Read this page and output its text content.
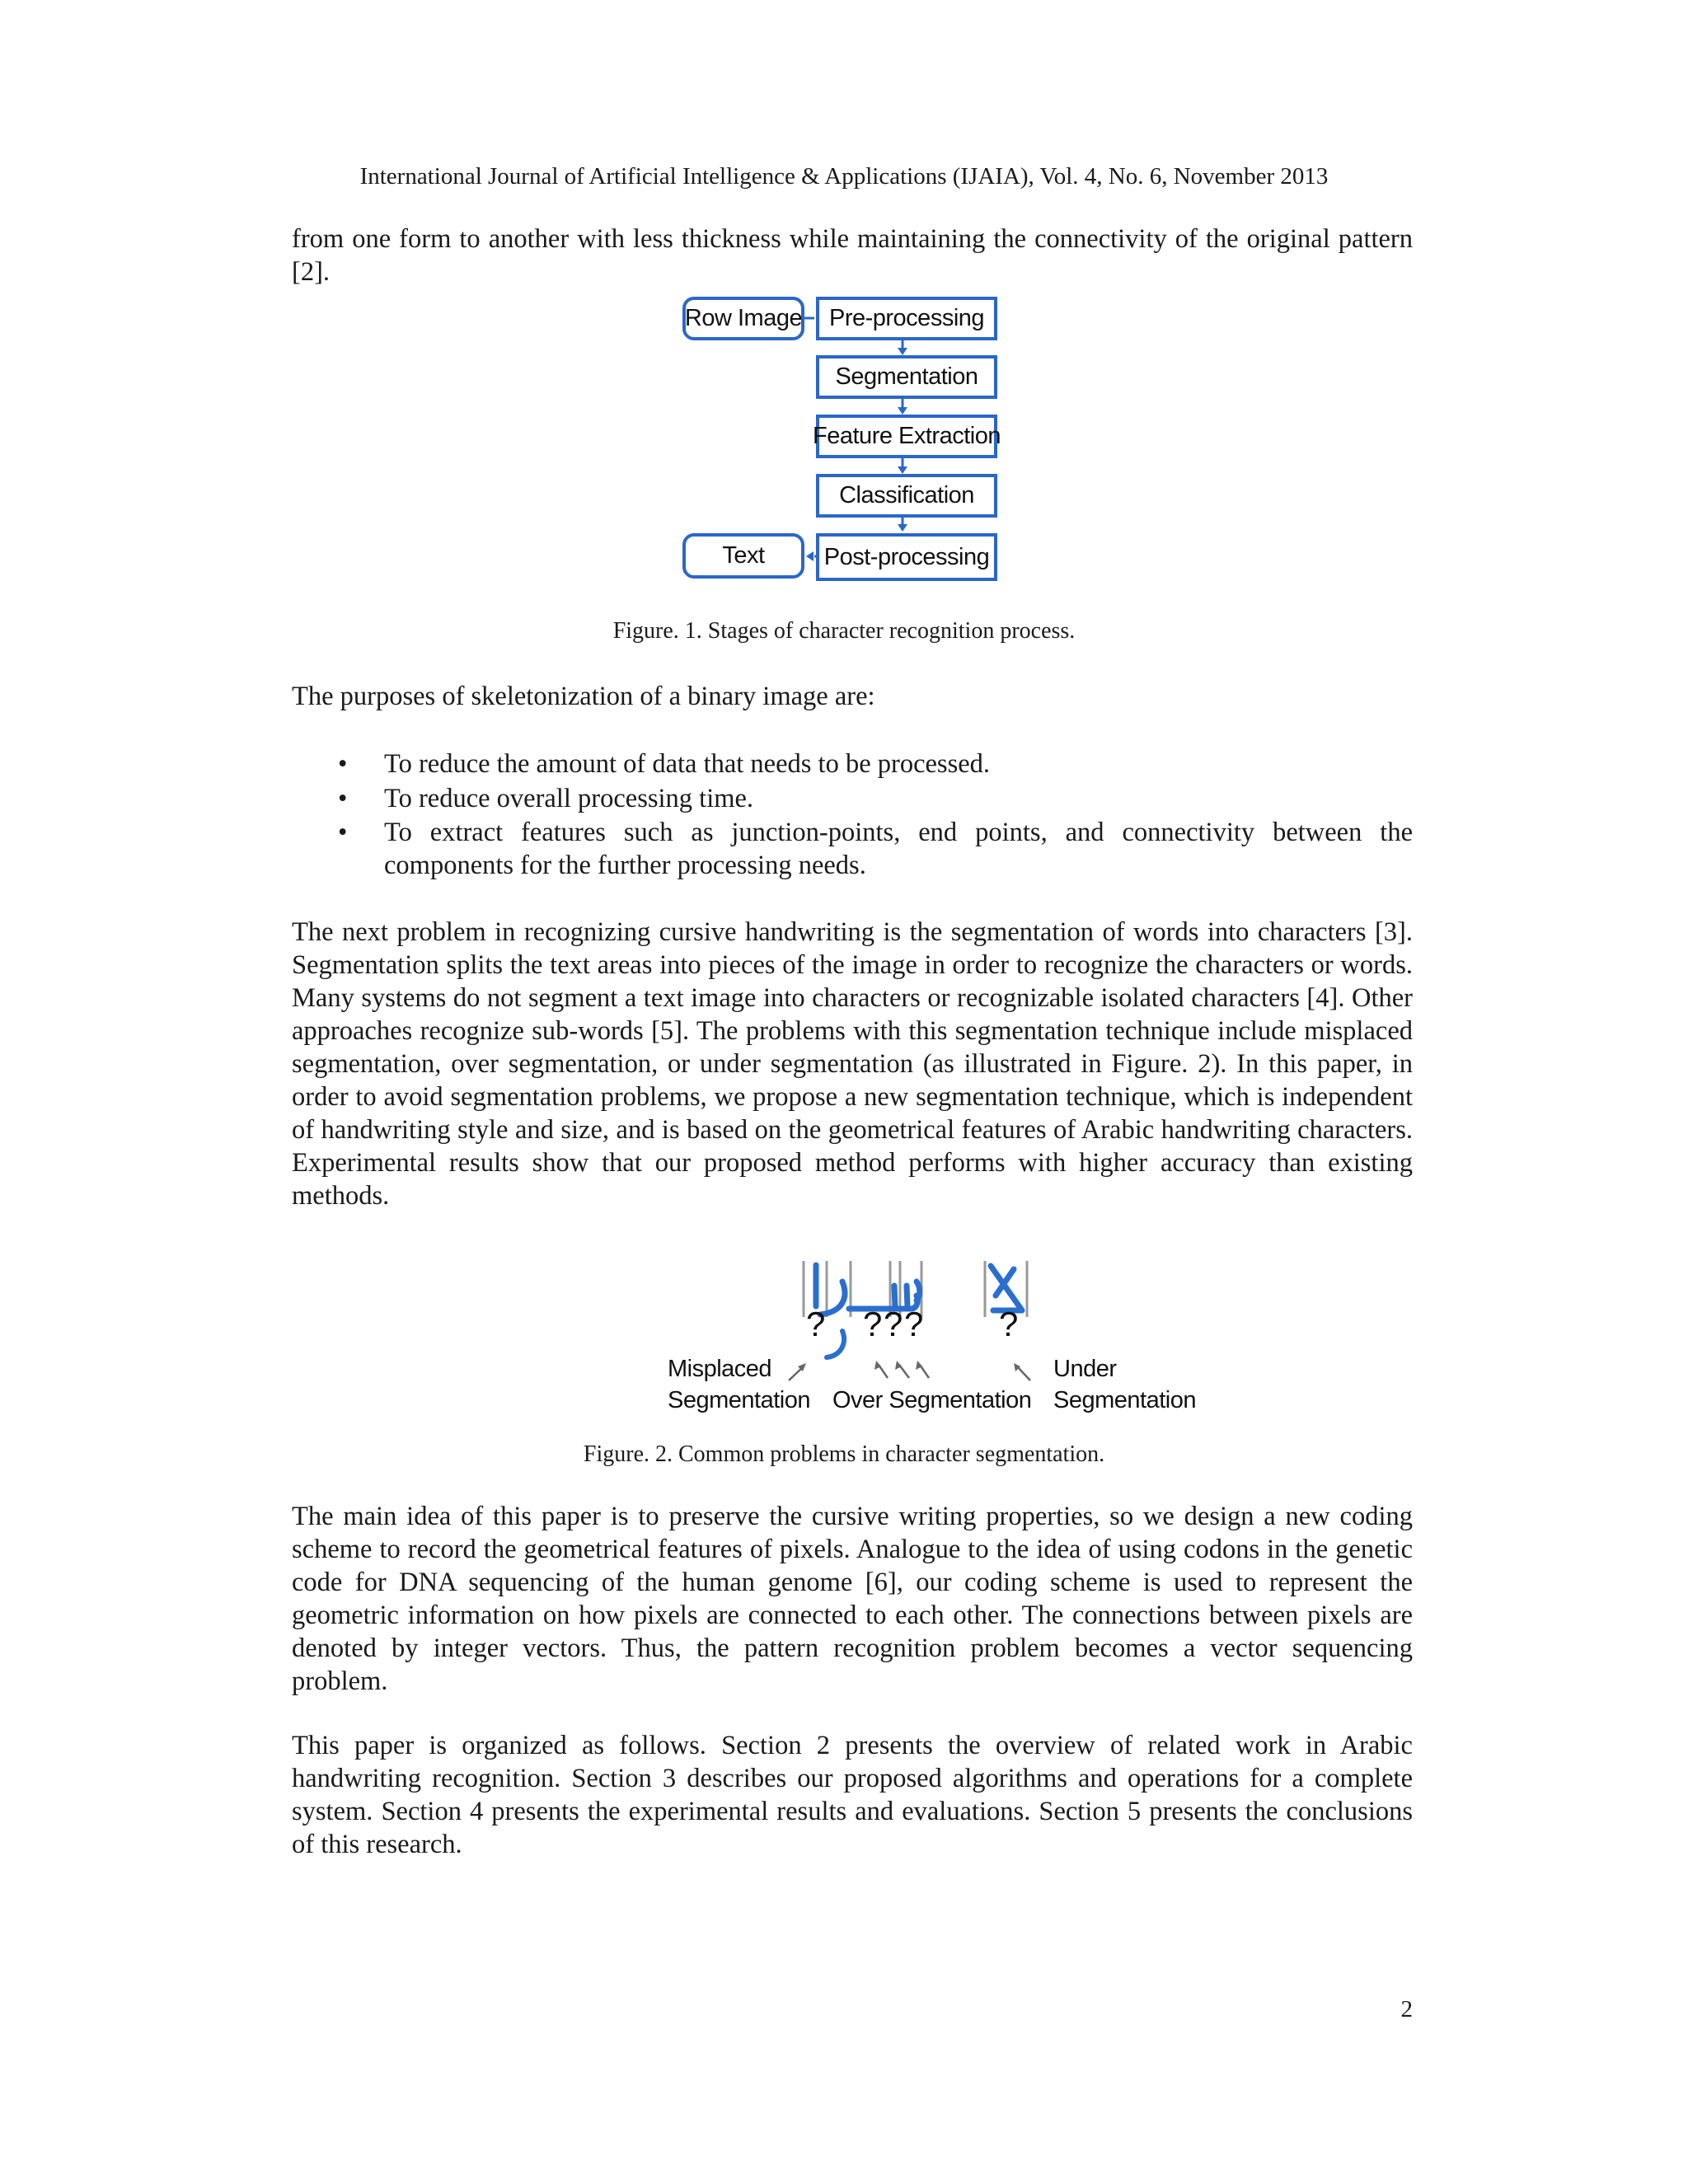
International Journal of Artificial Intelligence & Applications (IJAIA), Vol. 4, No. 6, November 2013

from one form to another with less thickness while maintaining the connectivity of the original pattern [2].

Row Image	Pre-processing
Segmentation
Feature Extraction
Classification
Post-processing
Text
Figure. 1. Stages of character recognition process.

The purposes of skeletonization of a binary image are:

• To reduce the amount of data that needs to be processed.
• To reduce overall processing time.
• To extract features such as junction-points, end points, and connectivity between the components for the further processing needs.

The next problem in recognizing cursive handwriting is the segmentation of words into characters [3]. Segmentation splits the text areas into pieces of the image in order to recognize the characters or words. Many systems do not segment a text image into characters or recognizable isolated characters [4]. Other approaches recognize sub-words [5]. The problems with this segmentation technique include misplaced segmentation, over segmentation, or under segmentation (as illustrated in Figure. 2). In this paper, in order to avoid segmentation problems, we propose a new segmentation technique, which is independent of handwriting style and size, and is based on the geometrical features of Arabic handwriting characters. Experimental results show that our proposed method performs with higher accuracy than existing methods.

? ? ? ? ?
Misplaced
Segmentation Over Segmentation
Under
Segmentation
Figure. 2. Common problems in character segmentation.

The main idea of this paper is to preserve the cursive writing properties, so we design a new coding scheme to record the geometrical features of pixels. Analogue to the idea of using codons in the genetic code for DNA sequencing of the human genome [6], our coding scheme is used to represent the geometric information on how pixels are connected to each other. The connections between pixels are denoted by integer vectors. Thus, the pattern recognition problem becomes a vector sequencing problem.

This paper is organized as follows. Section 2 presents the overview of related work in Arabic handwriting recognition. Section 3 describes our proposed algorithms and operations for a complete system. Section 4 presents the experimental results and evaluations. Section 5 presents the conclusions of this research.

2
